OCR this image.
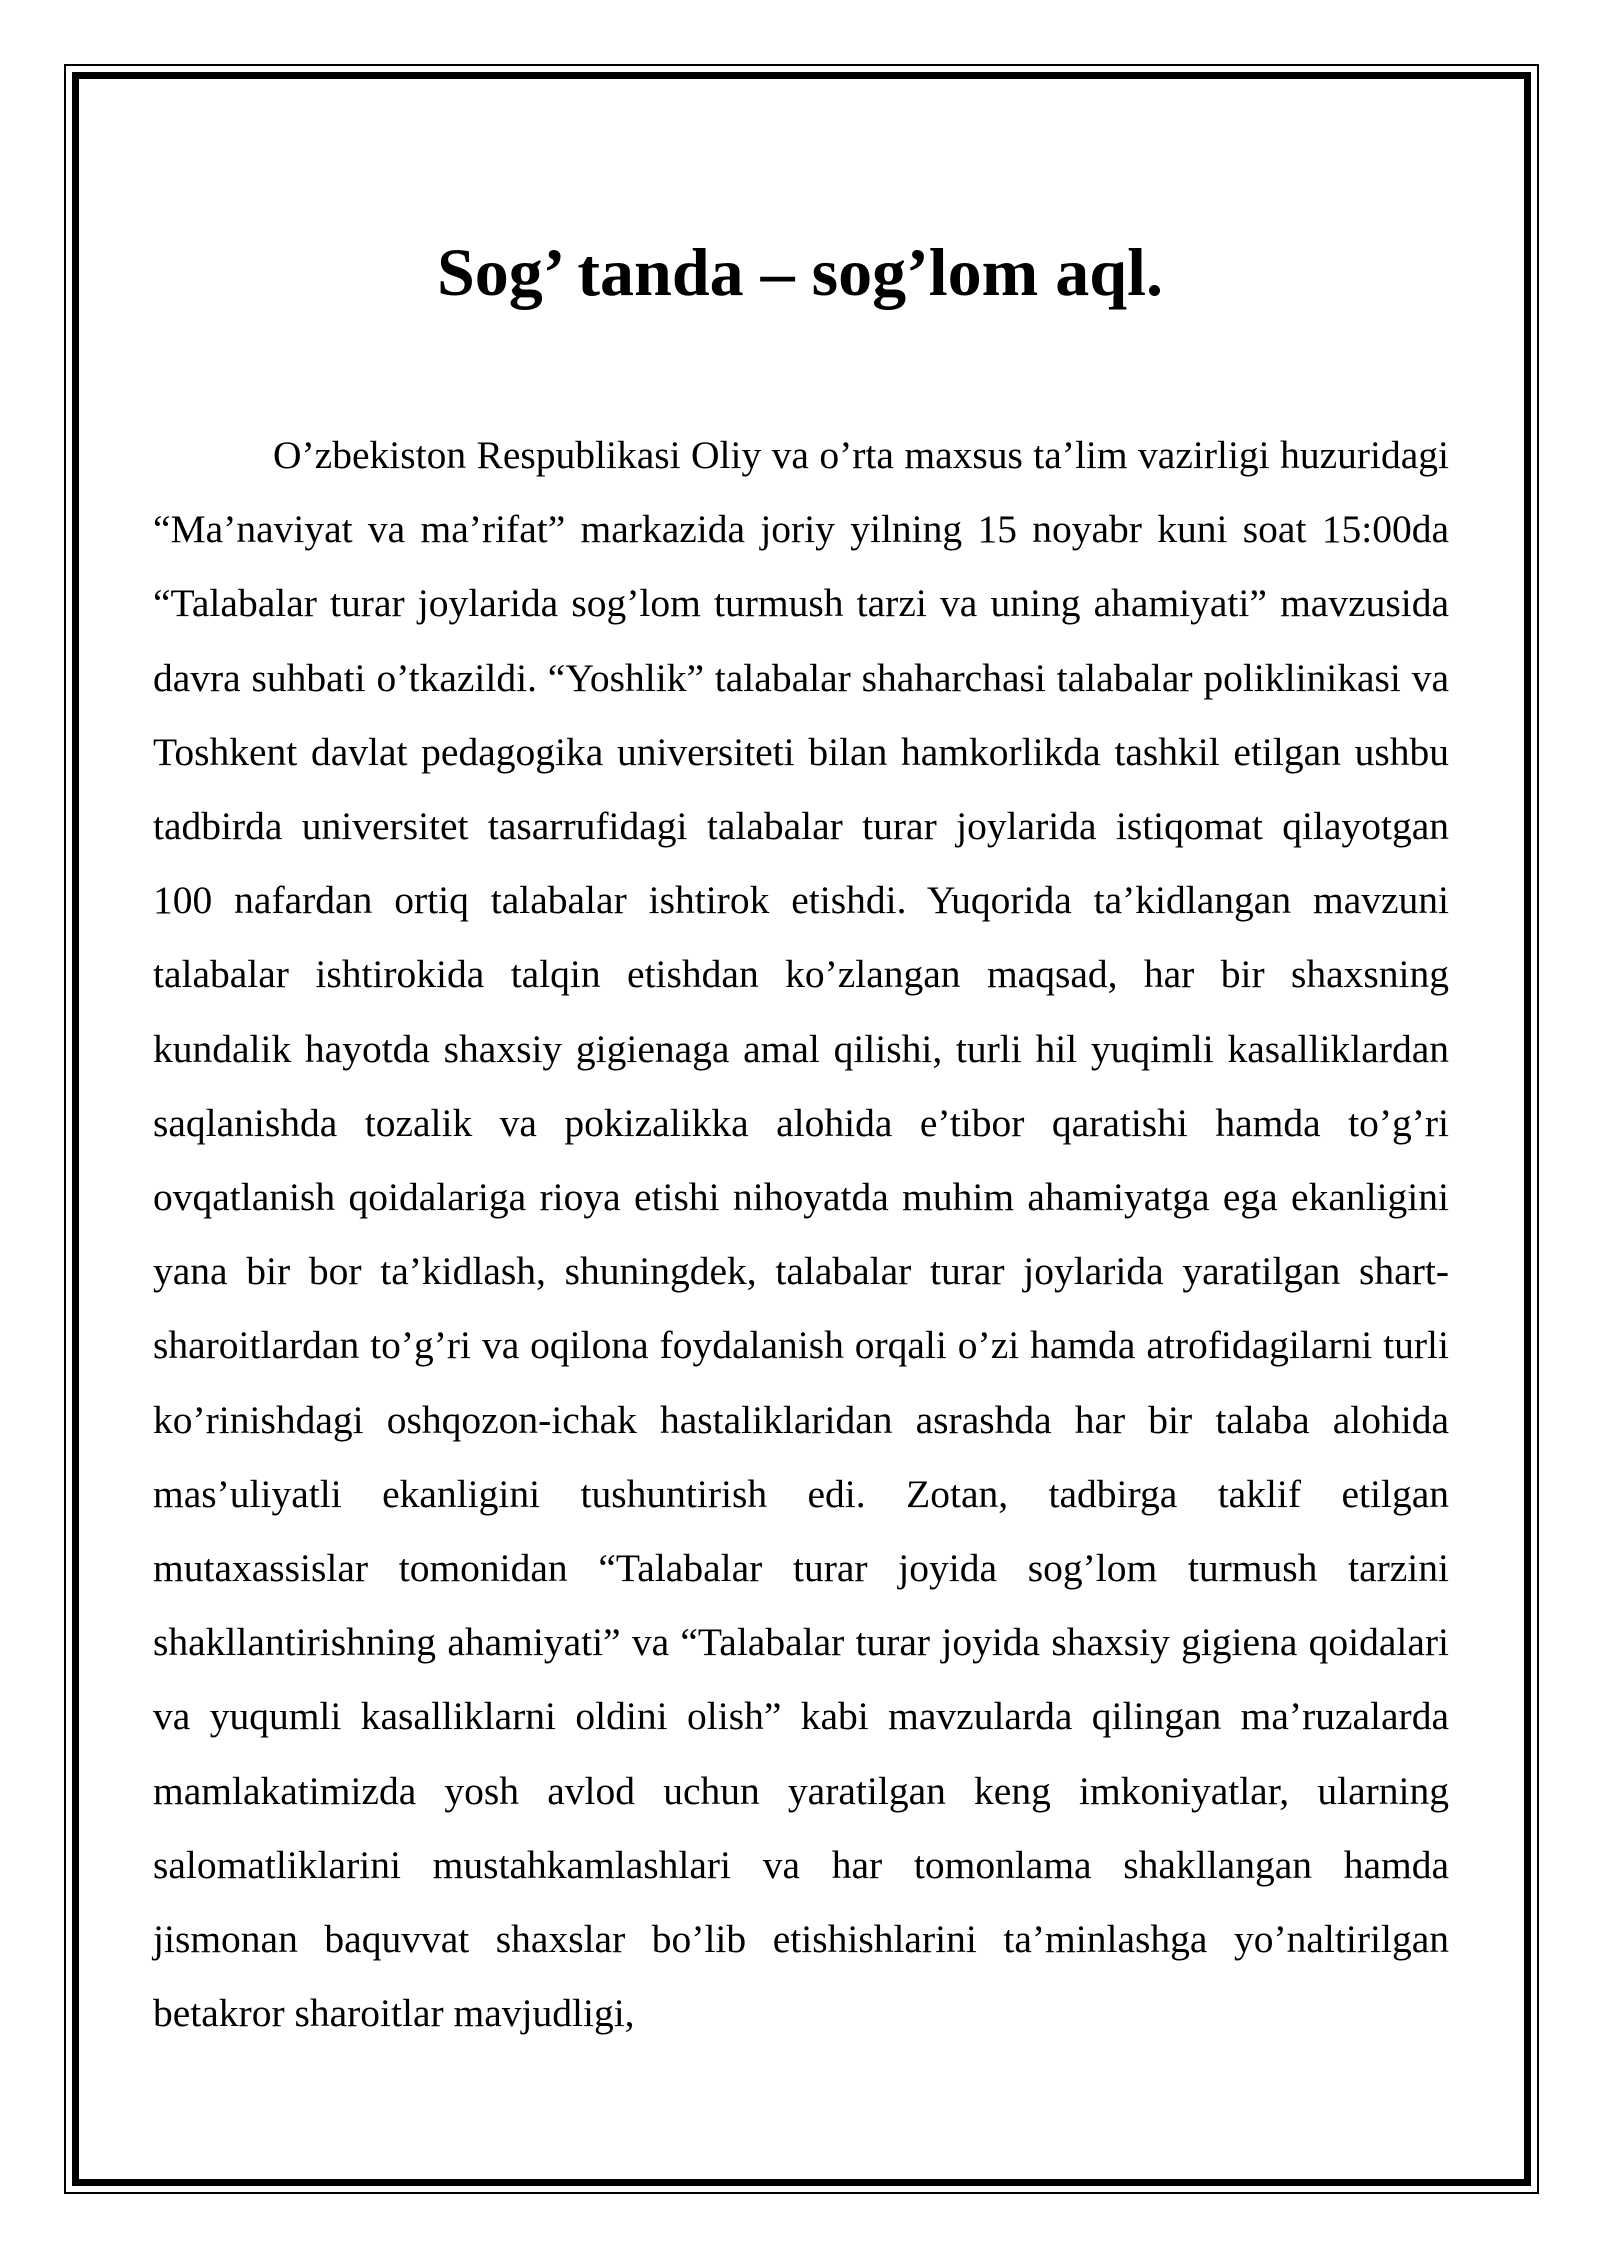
Sog’ tanda – sog’lom aql.

O’zbekiston Respublikasi Oliy va o’rta maxsus ta’lim vazirligi huzuridagi “Ma’naviyat va ma’rifat” markazida joriy yilning 15 noyabr kuni soat 15:00da “Talabalar turar joylarida sog’lom turmush tarzi va uning ahamiyati” mavzusida davra suhbati o’tkazildi. “Yoshlik” talabalar shaharchasi talabalar poliklinikasi va Toshkent davlat pedagogika universiteti bilan hamkorlikda tashkil etilgan ushbu tadbirda universitet tasarrufidagi talabalar turar joylarida istiqomat qilayotgan 100 nafardan ortiq talabalar ishtirok etishdi. Yuqorida ta’kidlangan mavzuni talabalar ishtirokida talqin etishdan ko’zlangan maqsad, har bir shaxsning kundalik hayotda shaxsiy gigienaga amal qilishi, turli hil yuqimli kasalliklardan saqlanishda tozalik va pokizalikka alohida e’tibor qaratishi hamda to’g’ri ovqatlanish qoidalariga rioya etishi nihoyatda muhim ahamiyatga ega ekanligini yana bir bor ta’kidlash, shuningdek, talabalar turar joylarida yaratilgan shart-sharoitlardan to’g’ri va oqilona foydalanish orqali o’zi hamda atrofidagilarni turli ko’rinishdagi oshqozon-ichak hastaliklaridan asrashda har bir talaba alohida mas’uliyatli ekanligini tushuntirish edi. Zotan, tadbirga taklif etilgan mutaxassislar tomonidan “Talabalar turar joyida sog’lom turmush tarzini shakllantirishning ahamiyati” va “Talabalar turar joyida shaxsiy gigiena qoidalari va yuqumli kasalliklarni oldini olish” kabi mavzularda qilingan ma’ruzalarda mamlakatimizda yosh avlod uchun yaratilgan keng imkoniyatlar, ularning salomatliklarini mustahkamlashlari va har tomonlama shakllangan hamda jismonan baquvvat shaxslar bo’lib etishishlarini ta’minlashga yo’naltirilgan betakror sharoitlar mavjudligi,
